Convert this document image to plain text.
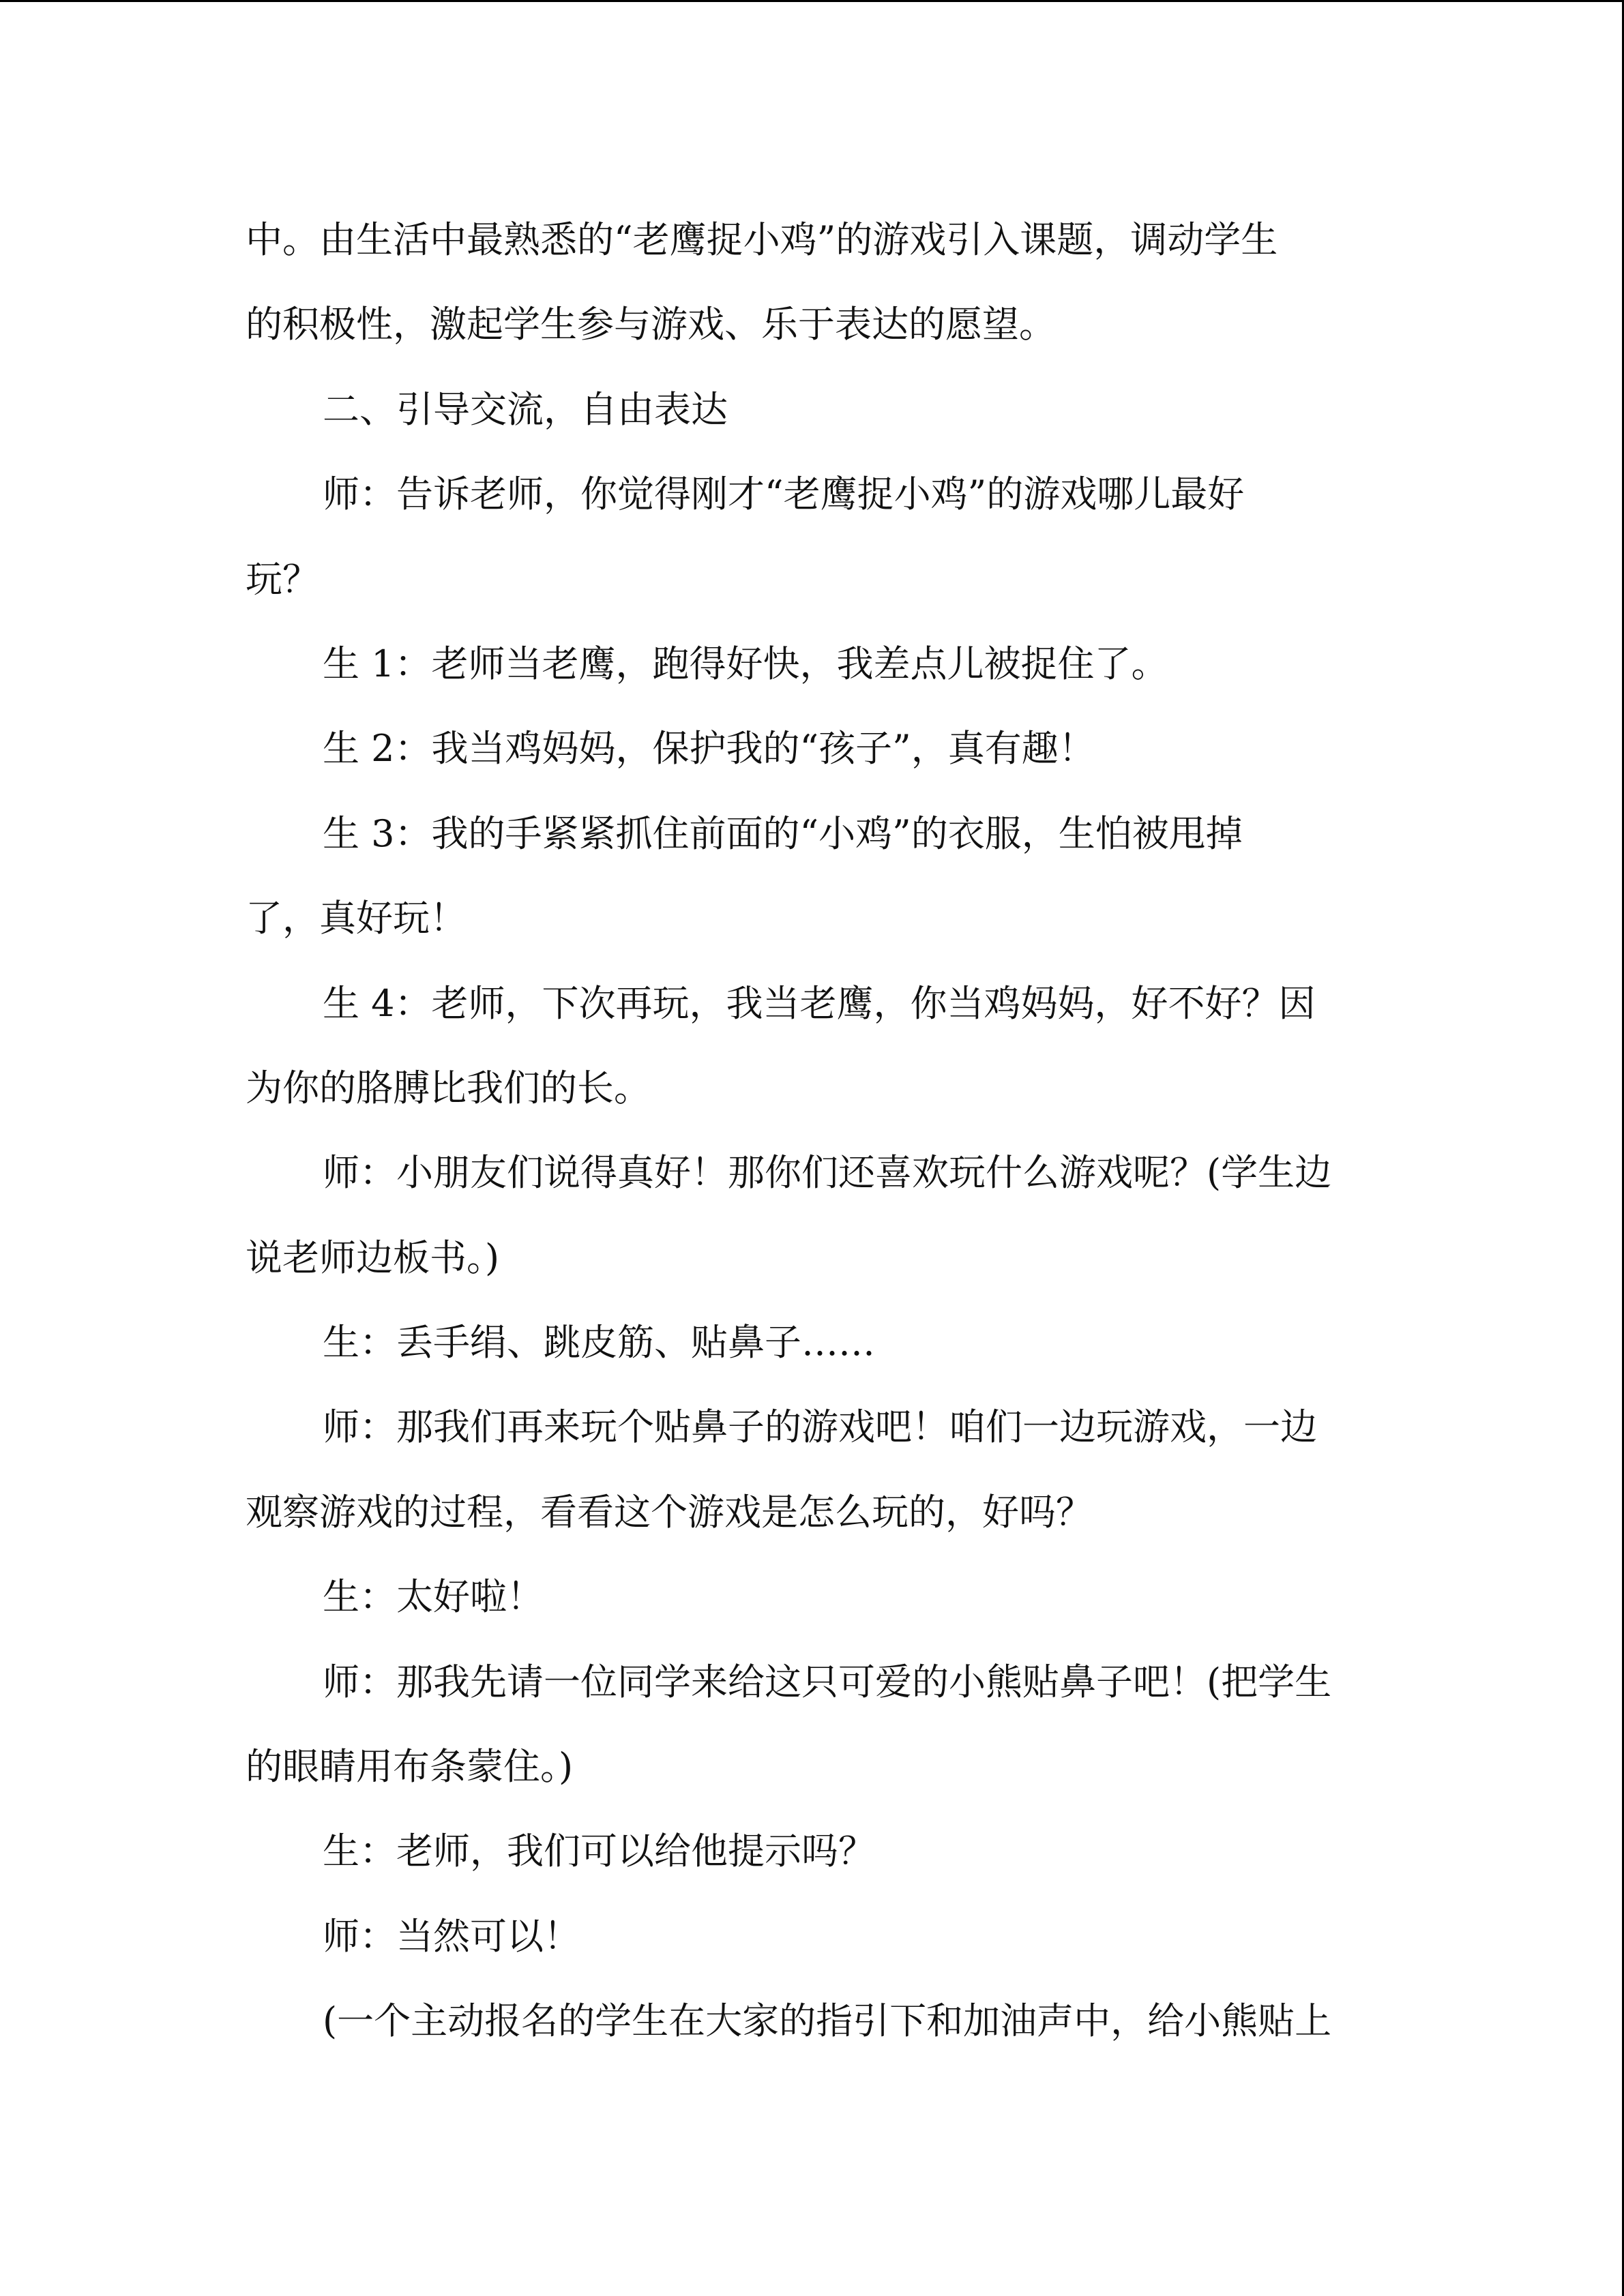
中。由生活中最熟悉的“老鹰捉小鸡”的游戏引入课题，调动学生
的积极性，激起学生参与游戏、乐于表达的愿望。
二、引导交流，自由表达
师：告诉老师，你觉得刚才“老鹰捉小鸡”的游戏哪儿最好
玩？
生 1：老师当老鹰，跑得好快，我差点儿被捉住了。
生 2：我当鸡妈妈，保护我的“孩子”，真有趣！
生 3：我的手紧紧抓住前面的“小鸡”的衣服，生怕被甩掉
了，真好玩！
生 4：老师，下次再玩，我当老鹰，你当鸡妈妈，好不好？因
为你的胳膊比我们的长。
师：小朋友们说得真好！那你们还喜欢玩什么游戏呢？(学生边
说老师边板书。)
生：丢手绢、跳皮筋、贴鼻子……
师：那我们再来玩个贴鼻子的游戏吧！咱们一边玩游戏，一边
观察游戏的过程，看看这个游戏是怎么玩的，好吗？
生：太好啦！
师：那我先请一位同学来给这只可爱的小熊贴鼻子吧！(把学生
的眼睛用布条蒙住。)
生：老师，我们可以给他提示吗？
师：当然可以！
(一个主动报名的学生在大家的指引下和加油声中，给小熊贴上
